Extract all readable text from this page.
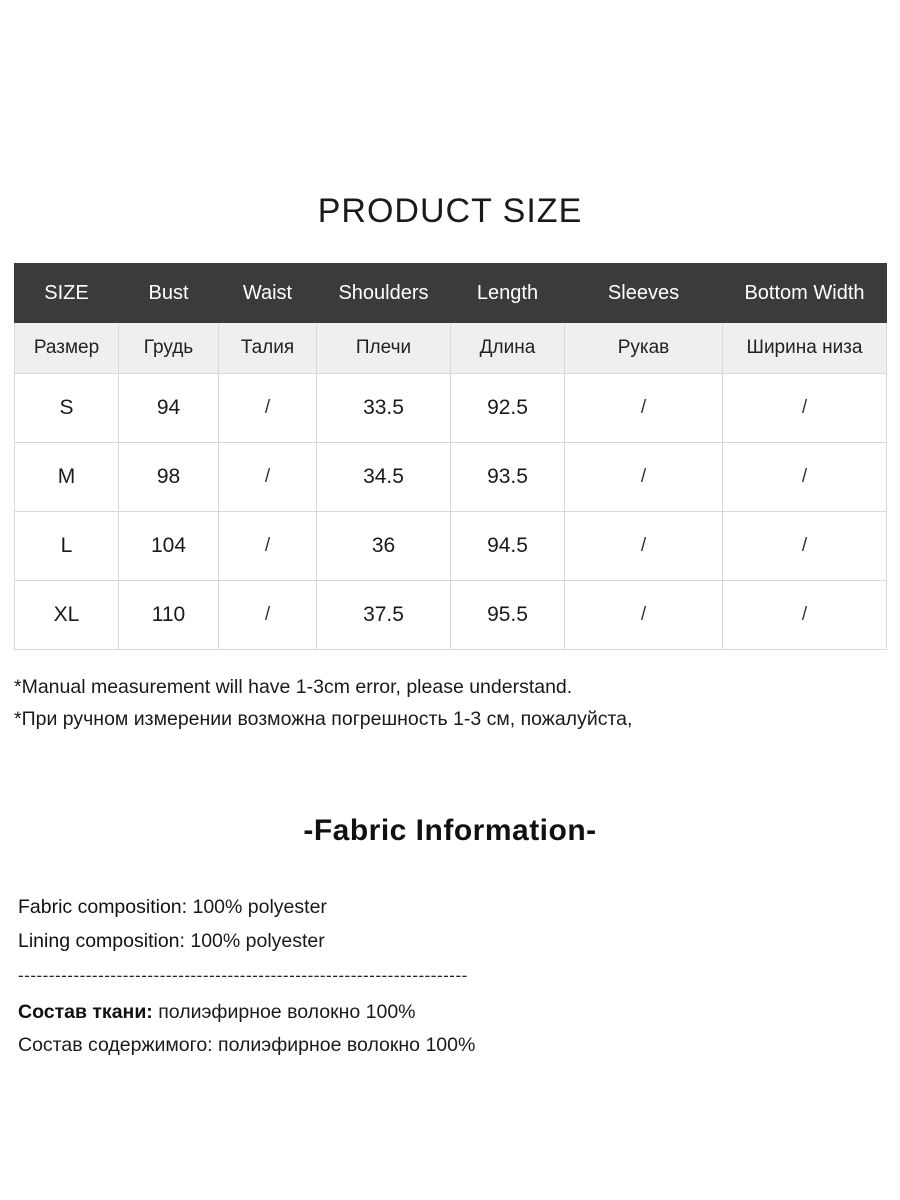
PRODUCT SIZE
SIZE	Bust	Waist	Shoulders	Length	Sleeves	Bottom Width
Размер	Грудь	Талия	Плечи	Длина	Рукав	Ширина низа
S	94	/	33.5	92.5	/	/
M	98	/	34.5	93.5	/	/
L	104	/	36	94.5	/	/
XL	110	/	37.5	95.5	/	/
*Manual measurement will have 1-3cm error, please understand.
*При ручном измерении возможна погрешность 1-3 см, пожалуйста,
-Fabric Information-
Fabric composition: 100% polyester
Lining composition: 100% polyester
-------------------------------------------------------------------------
Состав ткани: полиэфирное волокно 100%
Состав содержимого: полиэфирное волокно 100%
